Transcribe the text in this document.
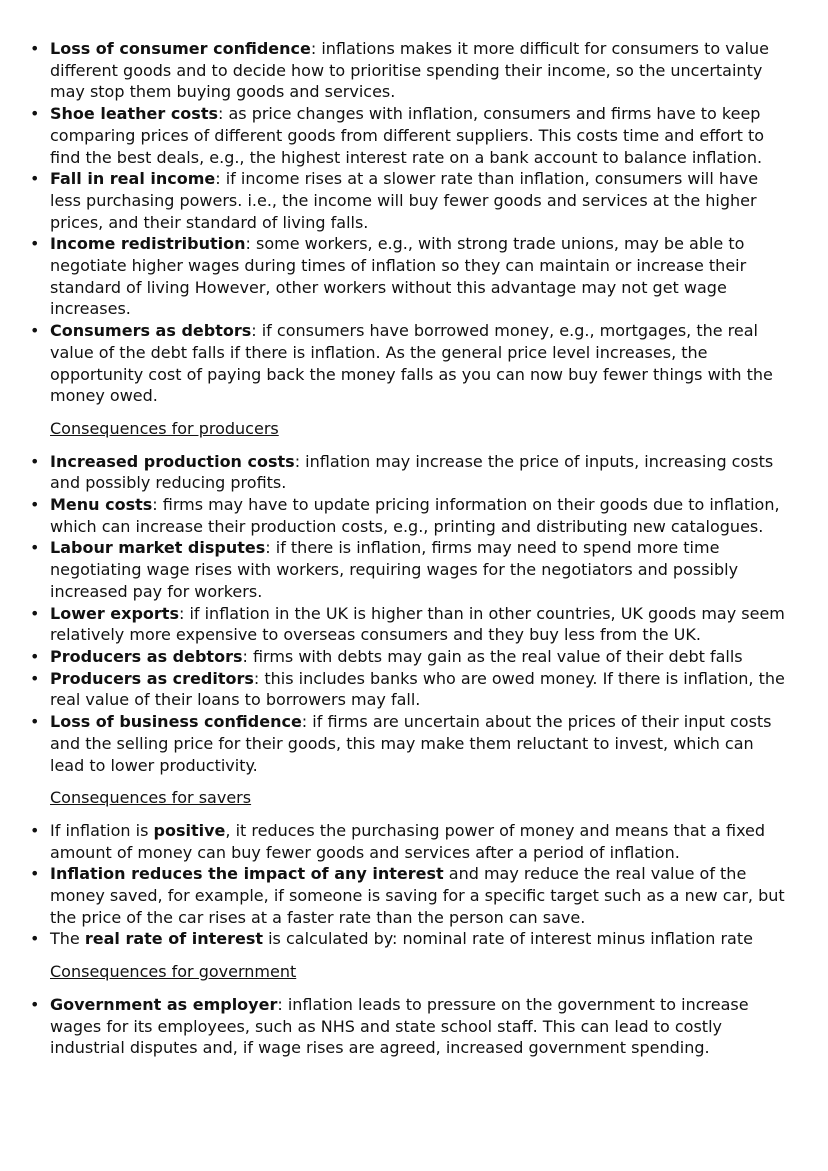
• Loss of consumer confidence: inflations makes it more difficult for consumers to value different goods and to decide how to prioritise spending their income, so the uncertainty may stop them buying goods and services.
• Shoe leather costs: as price changes with inflation, consumers and firms have to keep comparing prices of different goods from different suppliers. This costs time and effort to find the best deals, e.g., the highest interest rate on a bank account to balance inflation.
• Fall in real income: if income rises at a slower rate than inflation, consumers will have less purchasing powers. i.e., the income will buy fewer goods and services at the higher prices, and their standard of living falls.
• Income redistribution: some workers, e.g., with strong trade unions, may be able to negotiate higher wages during times of inflation so they can maintain or increase their standard of living However, other workers without this advantage may not get wage increases.
• Consumers as debtors: if consumers have borrowed money, e.g., mortgages, the real value of the debt falls if there is inflation. As the general price level increases, the opportunity cost of paying back the money falls as you can now buy fewer things with the money owed.
Consequences for producers
• Increased production costs: inflation may increase the price of inputs, increasing costs and possibly reducing profits.
• Menu costs: firms may have to update pricing information on their goods due to inflation, which can increase their production costs, e.g., printing and distributing new catalogues.
• Labour market disputes: if there is inflation, firms may need to spend more time negotiating wage rises with workers, requiring wages for the negotiators and possibly increased pay for workers.
• Lower exports: if inflation in the UK is higher than in other countries, UK goods may seem relatively more expensive to overseas consumers and they buy less from the UK.
• Producers as debtors: firms with debts may gain as the real value of their debt falls
• Producers as creditors: this includes banks who are owed money. If there is inflation, the real value of their loans to borrowers may fall.
• Loss of business confidence: if firms are uncertain about the prices of their input costs and the selling price for their goods, this may make them reluctant to invest, which can lead to lower productivity.
Consequences for savers
• If inflation is positive, it reduces the purchasing power of money and means that a fixed amount of money can buy fewer goods and services after a period of inflation.
• Inflation reduces the impact of any interest and may reduce the real value of the money saved, for example, if someone is saving for a specific target such as a new car, but the price of the car rises at a faster rate than the person can save.
• The real rate of interest is calculated by: nominal rate of interest minus inflation rate
Consequences for government
• Government as employer: inflation leads to pressure on the government to increase wages for its employees, such as NHS and state school staff. This can lead to costly industrial disputes and, if wage rises are agreed, increased government spending.
